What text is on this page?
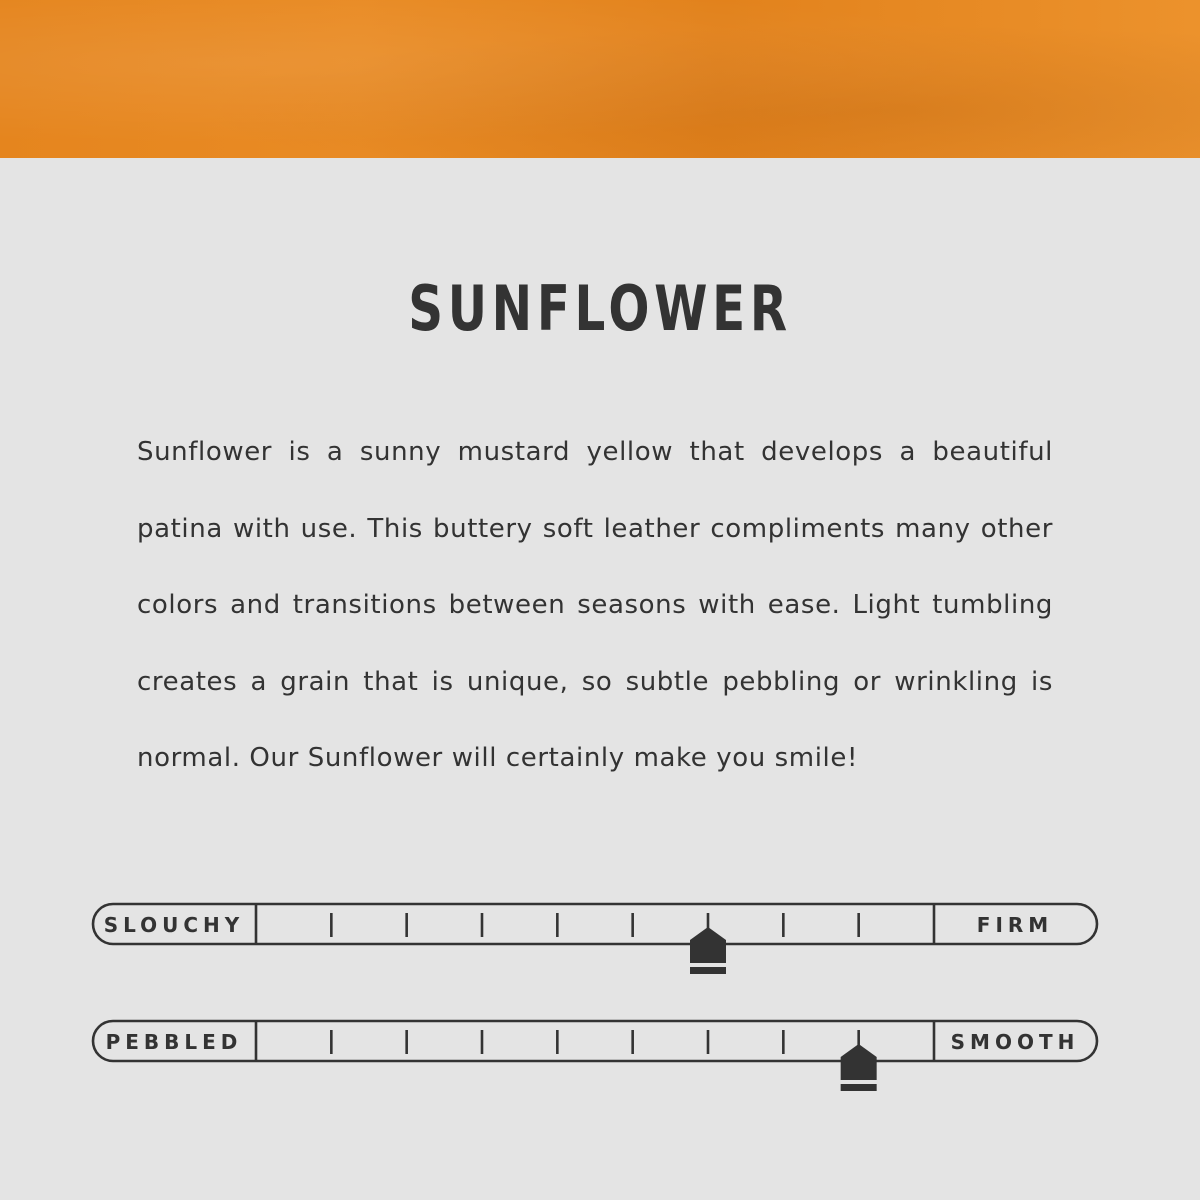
SUNFLOWER

Sunflower is a sunny mustard yellow that develops a beautiful patina with use. This buttery soft leather compliments many other colors and transitions between seasons with ease. Light tumbling creates a grain that is unique, so subtle pebbling or wrinkling is normal. Our Sunflower will certainly make you smile!

SLOUCHY	FIRM
PEBBLED	SMOOTH
